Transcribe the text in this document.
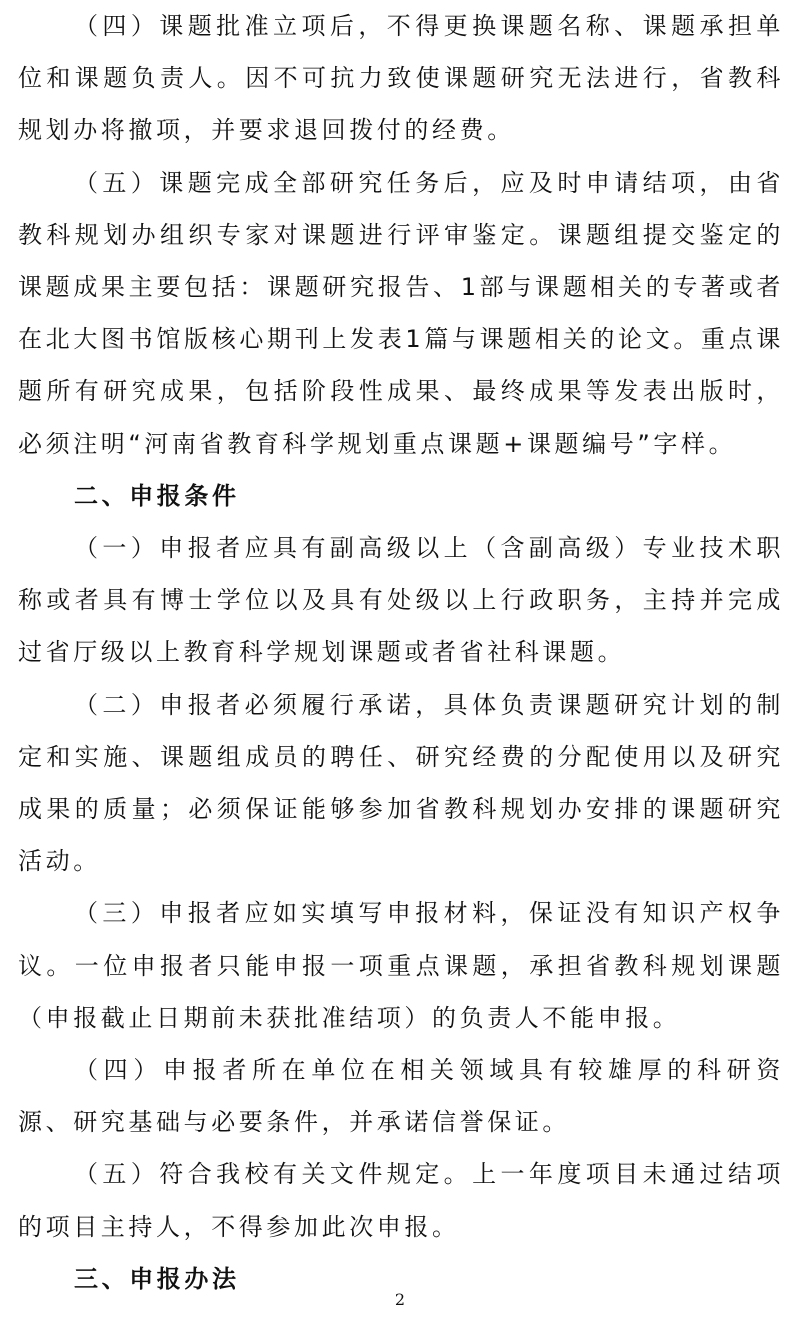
（四）课题批准立项后，不得更换课题名称、课题承担单位和课题负责人。因不可抗力致使课题研究无法进行，省教科规划办将撤项，并要求退回拨付的经费。

（五）课题完成全部研究任务后，应及时申请结项，由省教科规划办组织专家对课题进行评审鉴定。课题组提交鉴定的课题成果主要包括：课题研究报告、1部与课题相关的专著或者在北大图书馆版核心期刊上发表1篇与课题相关的论文。重点课题所有研究成果，包括阶段性成果、最终成果等发表出版时，必须注明“河南省教育科学规划重点课题+课题编号”字样。

二、申报条件

（一）申报者应具有副高级以上（含副高级）专业技术职称或者具有博士学位以及具有处级以上行政职务，主持并完成过省厅级以上教育科学规划课题或者省社科课题。

（二）申报者必须履行承诺，具体负责课题研究计划的制定和实施、课题组成员的聘任、研究经费的分配使用以及研究成果的质量；必须保证能够参加省教科规划办安排的课题研究活动。

（三）申报者应如实填写申报材料，保证没有知识产权争议。一位申报者只能申报一项重点课题，承担省教科规划课题（申报截止日期前未获批准结项）的负责人不能申报。

（四）申报者所在单位在相关领域具有较雄厚的科研资源、研究基础与必要条件，并承诺信誉保证。

（五）符合我校有关文件规定。上一年度项目未通过结项的项目主持人，不得参加此次申报。

三、申报办法

2
